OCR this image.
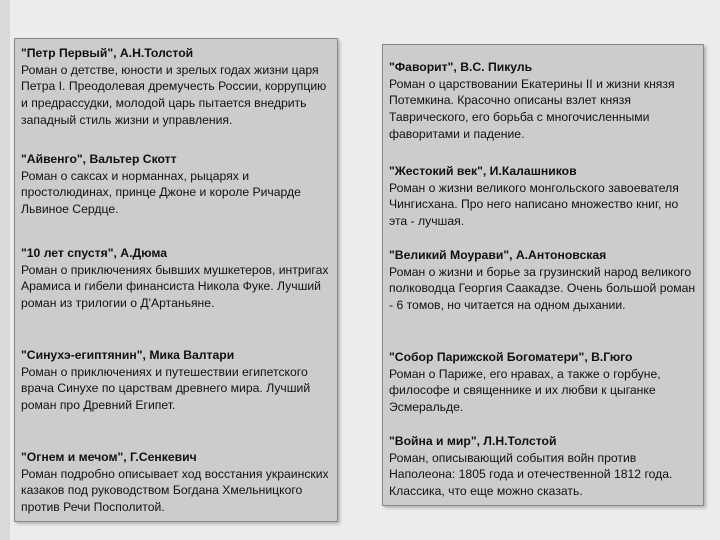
"Петр Первый", А.Н.Толстой
Роман о детстве, юности и зрелых годах жизни царя Петра I. Преодолевая дремучесть России, коррупцию и предрассудки, молодой царь пытается внедрить западный стиль жизни и управления.
"Айвенго", Вальтер Скотт
Роман о саксах и норманнах, рыцарях и простолюдинах, принце Джоне и короле Ричарде Львиное Сердце.
"10 лет спустя", А.Дюма
Роман о приключениях бывших мушкетеров, интригах Арамиса и гибели финансиста Никола Фуке. Лучший роман из трилогии о Д'Артаньяне.
"Синухэ-египтянин", Мика Валтари
Роман о приключениях и путешествии египетского врача Синухе по царствам древнего мира. Лучший роман про Древний Египет.
"Огнем и мечом", Г.Сенкевич
Роман подробно описывает ход восстания украинских казаков под руководством Богдана Хмельницкого против Речи Посполитой.
"Фаворит", В.С. Пикуль
Роман о царствовании Екатерины II и жизни князя Потемкина. Красочно описаны взлет князя Таврического, его борьба с многочисленными фаворитами и падение.
"Жестокий век", И.Калашников
Роман о жизни великого монгольского завоевателя Чингисхана. Про него написано множество книг, но эта - лучшая.
"Великий Моурави", А.Антоновская
Роман о жизни и борье за грузинский народ великого полководца Георгия Саакадзе. Очень большой роман - 6 томов, но читается на одном дыхании.
"Собор Парижской Богоматери", В.Гюго
Роман о Париже, его нравах, а также о горбуне, философе и священнике и их любви к цыганке Эсмеральде.
"Война и мир", Л.Н.Толстой
Роман, описывающий события войн против Наполеона: 1805 года и отечественной 1812 года. Классика, что еще можно сказать.
